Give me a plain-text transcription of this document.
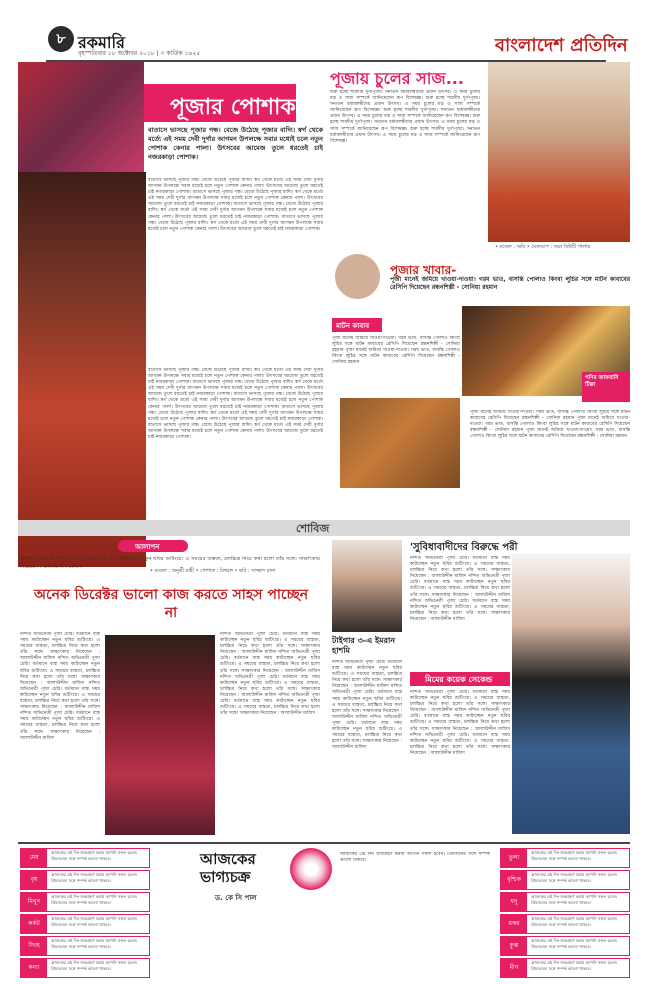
৮ রকমারি
বৃহস্পতিবার ১৮ অক্টোবর ২০১৮ | ৩ কার্তিক ১৪২৫	বাংলাদেশ প্রতিদিন
পূজার পোশাক
বাতাসে ভাসছে পূজার গন্ধ। বেজে উঠেছে পূজার বাদ্যি। স্বর্গ থেকে মর্ত্যে এই সময় দেবী দুর্গার আগমন উপলক্ষে সবার মধ্যেই চলে নতুন পোশাক কেনার পালা। উৎসবের আমেজ তুলে ধরতেই চাই নজরকাড়া পোশাক।
বাতাসে ভাসছে পূজার গন্ধ। বেজে উঠেছে পূজার বাদ্যি। স্বর্গ থেকে মর্ত্যে এই সময় দেবী দুর্গার আগমন উপলক্ষে সবার মধ্যেই চলে নতুন পোশাক কেনার পালা। উৎসবের আমেজ তুলে ধরতেই চাই নজরকাড়া পোশাক। বাতাসে ভাসছে পূজার গন্ধ। বেজে উঠেছে পূজার বাদ্যি। স্বর্গ থেকে মর্ত্যে এই সময় দেবী দুর্গার আগমন উপলক্ষে সবার মধ্যেই চলে নতুন পোশাক কেনার পালা। উৎসবের আমেজ তুলে ধরতেই চাই নজরকাড়া পোশাক। বাতাসে ভাসছে পূজার গন্ধ। বেজে উঠেছে পূজার বাদ্যি। স্বর্গ থেকে মর্ত্যে এই সময় দেবী দুর্গার আগমন উপলক্ষে সবার মধ্যেই চলে নতুন পোশাক কেনার পালা। উৎসবের আমেজ তুলে ধরতেই চাই নজরকাড়া পোশাক। বাতাসে ভাসছে পূজার গন্ধ। বেজে উঠেছে পূজার বাদ্যি। স্বর্গ থেকে মর্ত্যে এই সময় দেবী দুর্গার আগমন উপলক্ষে সবার মধ্যেই চলে নতুন পোশাক কেনার পালা। উৎসবের আমেজ তুলে ধরতেই চাই নজরকাড়া পোশাক।
বাতাসে ভাসছে পূজার গন্ধ। বেজে উঠেছে পূজার বাদ্যি। স্বর্গ থেকে মর্ত্যে এই সময় দেবী দুর্গার আগমন উপলক্ষে সবার মধ্যেই চলে নতুন পোশাক কেনার পালা। উৎসবের আমেজ তুলে ধরতেই চাই নজরকাড়া পোশাক। বাতাসে ভাসছে পূজার গন্ধ। বেজে উঠেছে পূজার বাদ্যি। স্বর্গ থেকে মর্ত্যে এই সময় দেবী দুর্গার আগমন উপলক্ষে সবার মধ্যেই চলে নতুন পোশাক কেনার পালা। উৎসবের আমেজ তুলে ধরতেই চাই নজরকাড়া পোশাক। বাতাসে ভাসছে পূজার গন্ধ। বেজে উঠেছে পূজার বাদ্যি। স্বর্গ থেকে মর্ত্যে এই সময় দেবী দুর্গার আগমন উপলক্ষে সবার মধ্যেই চলে নতুন পোশাক কেনার পালা। উৎসবের আমেজ তুলে ধরতেই চাই নজরকাড়া পোশাক। বাতাসে ভাসছে পূজার গন্ধ। বেজে উঠেছে পূজার বাদ্যি। স্বর্গ থেকে মর্ত্যে এই সময় দেবী দুর্গার আগমন উপলক্ষে সবার মধ্যেই চলে নতুন পোশাক কেনার পালা। উৎসবের আমেজ তুলে ধরতেই চাই নজরকাড়া পোশাক। বাতাসে ভাসছে পূজার গন্ধ। বেজে উঠেছে পূজার বাদ্যি। স্বর্গ থেকে মর্ত্যে এই সময় দেবী দুর্গার আগমন উপলক্ষে সবার মধ্যেই চলে নতুন পোশাক কেনার পালা। উৎসবের আমেজ তুলে ধরতেই চাই নজরকাড়া পোশাক।
• মডেল : অনুশ্রী মাহী • পোশাক : বিশ্বরঙ্গ • ছবি : সাজ্জাদ রানা
পূজায় চুলের সাজ...
শুরু হচ্ছে শারদীয় দুর্গাপূজা। সনাতন ধর্মাবলম্বীদের প্রধান উৎসব। এ সময় চুলের যত্ন ও সাজ সম্পর্কে জানিয়েছেন রূপ বিশেষজ্ঞ। শুরু হচ্ছে শারদীয় দুর্গাপূজা। সনাতন ধর্মাবলম্বীদের প্রধান উৎসব। এ সময় চুলের যত্ন ও সাজ সম্পর্কে জানিয়েছেন রূপ বিশেষজ্ঞ। শুরু হচ্ছে শারদীয় দুর্গাপূজা। সনাতন ধর্মাবলম্বীদের প্রধান উৎসব। এ সময় চুলের যত্ন ও সাজ সম্পর্কে জানিয়েছেন রূপ বিশেষজ্ঞ। শুরু হচ্ছে শারদীয় দুর্গাপূজা। সনাতন ধর্মাবলম্বীদের প্রধান উৎসব। এ সময় চুলের যত্ন ও সাজ সম্পর্কে জানিয়েছেন রূপ বিশেষজ্ঞ। শুরু হচ্ছে শারদীয় দুর্গাপূজা। সনাতন ধর্মাবলম্বীদের প্রধান উৎসব। এ সময় চুলের যত্ন ও সাজ সম্পর্কে জানিয়েছেন রূপ বিশেষজ্ঞ।
• মডেল : অমি • মেকআপ : অরা বিউটি পার্লার
পূজার খাবার-
পূজা মানেই জমিয়ে খাওয়া-দাওয়া। গরম ভাত, বাসন্তি পোলাও কিংবা লুচির সঙ্গে মাটন কাবাবের রেসিপি দিয়েছেন রন্ধনশিল্পী - সোনিয়া রহমান
মাটন কাবাব
পূজা মানেই জমিয়ে খাওয়া-দাওয়া। গরম ভাত, বাসন্তি পোলাও কিংবা লুচির সঙ্গে মাটন কাবাবের রেসিপি দিয়েছেন রন্ধনশিল্পী - সোনিয়া রহমান পূজা মানেই জমিয়ে খাওয়া-দাওয়া। গরম ভাত, বাসন্তি পোলাও কিংবা লুচির সঙ্গে মাটন কাবাবের রেসিপি দিয়েছেন রন্ধনশিল্পী - সোনিয়া রহমান
পনির জাফরানি টিক্কা
পূজা মানেই জমিয়ে খাওয়া-দাওয়া। গরম ভাত, বাসন্তি পোলাও কিংবা লুচির সঙ্গে মাটন কাবাবের রেসিপি দিয়েছেন রন্ধনশিল্পী - সোনিয়া রহমান পূজা মানেই জমিয়ে খাওয়া-দাওয়া। গরম ভাত, বাসন্তি পোলাও কিংবা লুচির সঙ্গে মাটন কাবাবের রেসিপি দিয়েছেন রন্ধনশিল্পী - সোনিয়া রহমান পূজা মানেই জমিয়ে খাওয়া-দাওয়া। গরম ভাত, বাসন্তি পোলাও কিংবা লুচির সঙ্গে মাটন কাবাবের রেসিপি দিয়েছেন রন্ধনশিল্পী - সোনিয়া রহমান
শোবিজ
আলাপন
নন্দিত অভিনেত্রী পূজা চেরি। বর্তমানে ব্যস্ত সময় কাটাচ্ছেন নতুন ছবির শুটিংয়ে। এ সময়ের ব্যস্ততা, চলচ্চিত্র নিয়ে কথা হলো তাঁর সঙ্গে। সাক্ষাৎকার নিয়েছেন : আলাউদ্দীন মাজিদ
অনেক ডিরেক্টর ভালো কাজ করতে সাহস পাচ্ছেন না
নন্দিত অভিনেত্রী পূজা চেরি। বর্তমানে ব্যস্ত সময় কাটাচ্ছেন নতুন ছবির শুটিংয়ে। এ সময়ের ব্যস্ততা, চলচ্চিত্র নিয়ে কথা হলো তাঁর সঙ্গে। সাক্ষাৎকার নিয়েছেন : আলাউদ্দীন মাজিদ নন্দিত অভিনেত্রী পূজা চেরি। বর্তমানে ব্যস্ত সময় কাটাচ্ছেন নতুন ছবির শুটিংয়ে। এ সময়ের ব্যস্ততা, চলচ্চিত্র নিয়ে কথা হলো তাঁর সঙ্গে। সাক্ষাৎকার নিয়েছেন : আলাউদ্দীন মাজিদ নন্দিত অভিনেত্রী পূজা চেরি। বর্তমানে ব্যস্ত সময় কাটাচ্ছেন নতুন ছবির শুটিংয়ে। এ সময়ের ব্যস্ততা, চলচ্চিত্র নিয়ে কথা হলো তাঁর সঙ্গে। সাক্ষাৎকার নিয়েছেন : আলাউদ্দীন মাজিদ নন্দিত অভিনেত্রী পূজা চেরি। বর্তমানে ব্যস্ত সময় কাটাচ্ছেন নতুন ছবির শুটিংয়ে। এ সময়ের ব্যস্ততা, চলচ্চিত্র নিয়ে কথা হলো তাঁর সঙ্গে। সাক্ষাৎকার নিয়েছেন : আলাউদ্দীন মাজিদ
নন্দিত অভিনেত্রী পূজা চেরি। বর্তমানে ব্যস্ত সময় কাটাচ্ছেন নতুন ছবির শুটিংয়ে। এ সময়ের ব্যস্ততা, চলচ্চিত্র নিয়ে কথা হলো তাঁর সঙ্গে। সাক্ষাৎকার নিয়েছেন : আলাউদ্দীন মাজিদ নন্দিত অভিনেত্রী পূজা চেরি। বর্তমানে ব্যস্ত সময় কাটাচ্ছেন নতুন ছবির শুটিংয়ে। এ সময়ের ব্যস্ততা, চলচ্চিত্র নিয়ে কথা হলো তাঁর সঙ্গে। সাক্ষাৎকার নিয়েছেন : আলাউদ্দীন মাজিদ নন্দিত অভিনেত্রী পূজা চেরি। বর্তমানে ব্যস্ত সময় কাটাচ্ছেন নতুন ছবির শুটিংয়ে। এ সময়ের ব্যস্ততা, চলচ্চিত্র নিয়ে কথা হলো তাঁর সঙ্গে। সাক্ষাৎকার নিয়েছেন : আলাউদ্দীন মাজিদ নন্দিত অভিনেত্রী পূজা চেরি। বর্তমানে ব্যস্ত সময় কাটাচ্ছেন নতুন ছবির শুটিংয়ে। এ সময়ের ব্যস্ততা, চলচ্চিত্র নিয়ে কথা হলো তাঁর সঙ্গে। সাক্ষাৎকার নিয়েছেন : আলাউদ্দীন মাজিদ
টাইগার ৩-এ ইমরান হাশমি
নন্দিত অভিনেত্রী পূজা চেরি। বর্তমানে ব্যস্ত সময় কাটাচ্ছেন নতুন ছবির শুটিংয়ে। এ সময়ের ব্যস্ততা, চলচ্চিত্র নিয়ে কথা হলো তাঁর সঙ্গে। সাক্ষাৎকার নিয়েছেন : আলাউদ্দীন মাজিদ নন্দিত অভিনেত্রী পূজা চেরি। বর্তমানে ব্যস্ত সময় কাটাচ্ছেন নতুন ছবির শুটিংয়ে। এ সময়ের ব্যস্ততা, চলচ্চিত্র নিয়ে কথা হলো তাঁর সঙ্গে। সাক্ষাৎকার নিয়েছেন : আলাউদ্দীন মাজিদ নন্দিত অভিনেত্রী পূজা চেরি। বর্তমানে ব্যস্ত সময় কাটাচ্ছেন নতুন ছবির শুটিংয়ে। এ সময়ের ব্যস্ততা, চলচ্চিত্র নিয়ে কথা হলো তাঁর সঙ্গে। সাক্ষাৎকার নিয়েছেন : আলাউদ্দীন মাজিদ
'সুবিধাবাদীদের বিরুদ্ধে পরী
নন্দিত অভিনেত্রী পূজা চেরি। বর্তমানে ব্যস্ত সময় কাটাচ্ছেন নতুন ছবির শুটিংয়ে। এ সময়ের ব্যস্ততা, চলচ্চিত্র নিয়ে কথা হলো তাঁর সঙ্গে। সাক্ষাৎকার নিয়েছেন : আলাউদ্দীন মাজিদ নন্দিত অভিনেত্রী পূজা চেরি। বর্তমানে ব্যস্ত সময় কাটাচ্ছেন নতুন ছবির শুটিংয়ে। এ সময়ের ব্যস্ততা, চলচ্চিত্র নিয়ে কথা হলো তাঁর সঙ্গে। সাক্ষাৎকার নিয়েছেন : আলাউদ্দীন মাজিদ নন্দিত অভিনেত্রী পূজা চেরি। বর্তমানে ব্যস্ত সময় কাটাচ্ছেন নতুন ছবির শুটিংয়ে। এ সময়ের ব্যস্ততা, চলচ্চিত্র নিয়ে কথা হলো তাঁর সঙ্গে। সাক্ষাৎকার নিয়েছেন : আলাউদ্দীন মাজিদ
মিমের কয়েক সেকেন্ড
নন্দিত অভিনেত্রী পূজা চেরি। বর্তমানে ব্যস্ত সময় কাটাচ্ছেন নতুন ছবির শুটিংয়ে। এ সময়ের ব্যস্ততা, চলচ্চিত্র নিয়ে কথা হলো তাঁর সঙ্গে। সাক্ষাৎকার নিয়েছেন : আলাউদ্দীন মাজিদ নন্দিত অভিনেত্রী পূজা চেরি। বর্তমানে ব্যস্ত সময় কাটাচ্ছেন নতুন ছবির শুটিংয়ে। এ সময়ের ব্যস্ততা, চলচ্চিত্র নিয়ে কথা হলো তাঁর সঙ্গে। সাক্ষাৎকার নিয়েছেন : আলাউদ্দীন মাজিদ নন্দিত অভিনেত্রী পূজা চেরি। বর্তমানে ব্যস্ত সময় কাটাচ্ছেন নতুন ছবির শুটিংয়ে। এ সময়ের ব্যস্ততা, চলচ্চিত্র নিয়ে কথা হলো তাঁর সঙ্গে। সাক্ষাৎকার নিয়েছেন : আলাউদ্দীন মাজিদ
আজকের ভাগ্যচক্র
ড. কে সি পাল
আজকের এই দিন জন্মগ্রহণ করায় আপনি সফল হবেন। প্রিয়জনের সঙ্গে সম্পর্ক ভালো থাকবে।
মেষ
আজকের এই দিন জন্মগ্রহণ করায় আপনি সফল হবেন। প্রিয়জনের সঙ্গে সম্পর্ক ভালো থাকবে।
বৃষ
আজকের এই দিন জন্মগ্রহণ করায় আপনি সফল হবেন। প্রিয়জনের সঙ্গে সম্পর্ক ভালো থাকবে।
মিথুন
আজকের এই দিন জন্মগ্রহণ করায় আপনি সফল হবেন। প্রিয়জনের সঙ্গে সম্পর্ক ভালো থাকবে।
কর্কট
আজকের এই দিন জন্মগ্রহণ করায় আপনি সফল হবেন। প্রিয়জনের সঙ্গে সম্পর্ক ভালো থাকবে।
সিংহ
আজকের এই দিন জন্মগ্রহণ করায় আপনি সফল হবেন। প্রিয়জনের সঙ্গে সম্পর্ক ভালো থাকবে।
কন্যা
আজকের এই দিন জন্মগ্রহণ করায় আপনি সফল হবেন। প্রিয়জনের সঙ্গে সম্পর্ক ভালো থাকবে।
তুলা
আজকের এই দিন জন্মগ্রহণ করায় আপনি সফল হবেন। প্রিয়জনের সঙ্গে সম্পর্ক ভালো থাকবে।
বৃশ্চিক
আজকের এই দিন জন্মগ্রহণ করায় আপনি সফল হবেন। প্রিয়জনের সঙ্গে সম্পর্ক ভালো থাকবে।
ধনু
আজকের এই দিন জন্মগ্রহণ করায় আপনি সফল হবেন। প্রিয়জনের সঙ্গে সম্পর্ক ভালো থাকবে।
মকর
আজকের এই দিন জন্মগ্রহণ করায় আপনি সফল হবেন। প্রিয়জনের সঙ্গে সম্পর্ক ভালো থাকবে।
কুম্ভ
আজকের এই দিন জন্মগ্রহণ করায় আপনি সফল হবেন। প্রিয়জনের সঙ্গে সম্পর্ক ভালো থাকবে।
মীন
আজকের এই দিন জন্মগ্রহণ করায় আপনি সফল হবেন। প্রিয়জনের সঙ্গে সম্পর্ক ভালো থাকবে।
